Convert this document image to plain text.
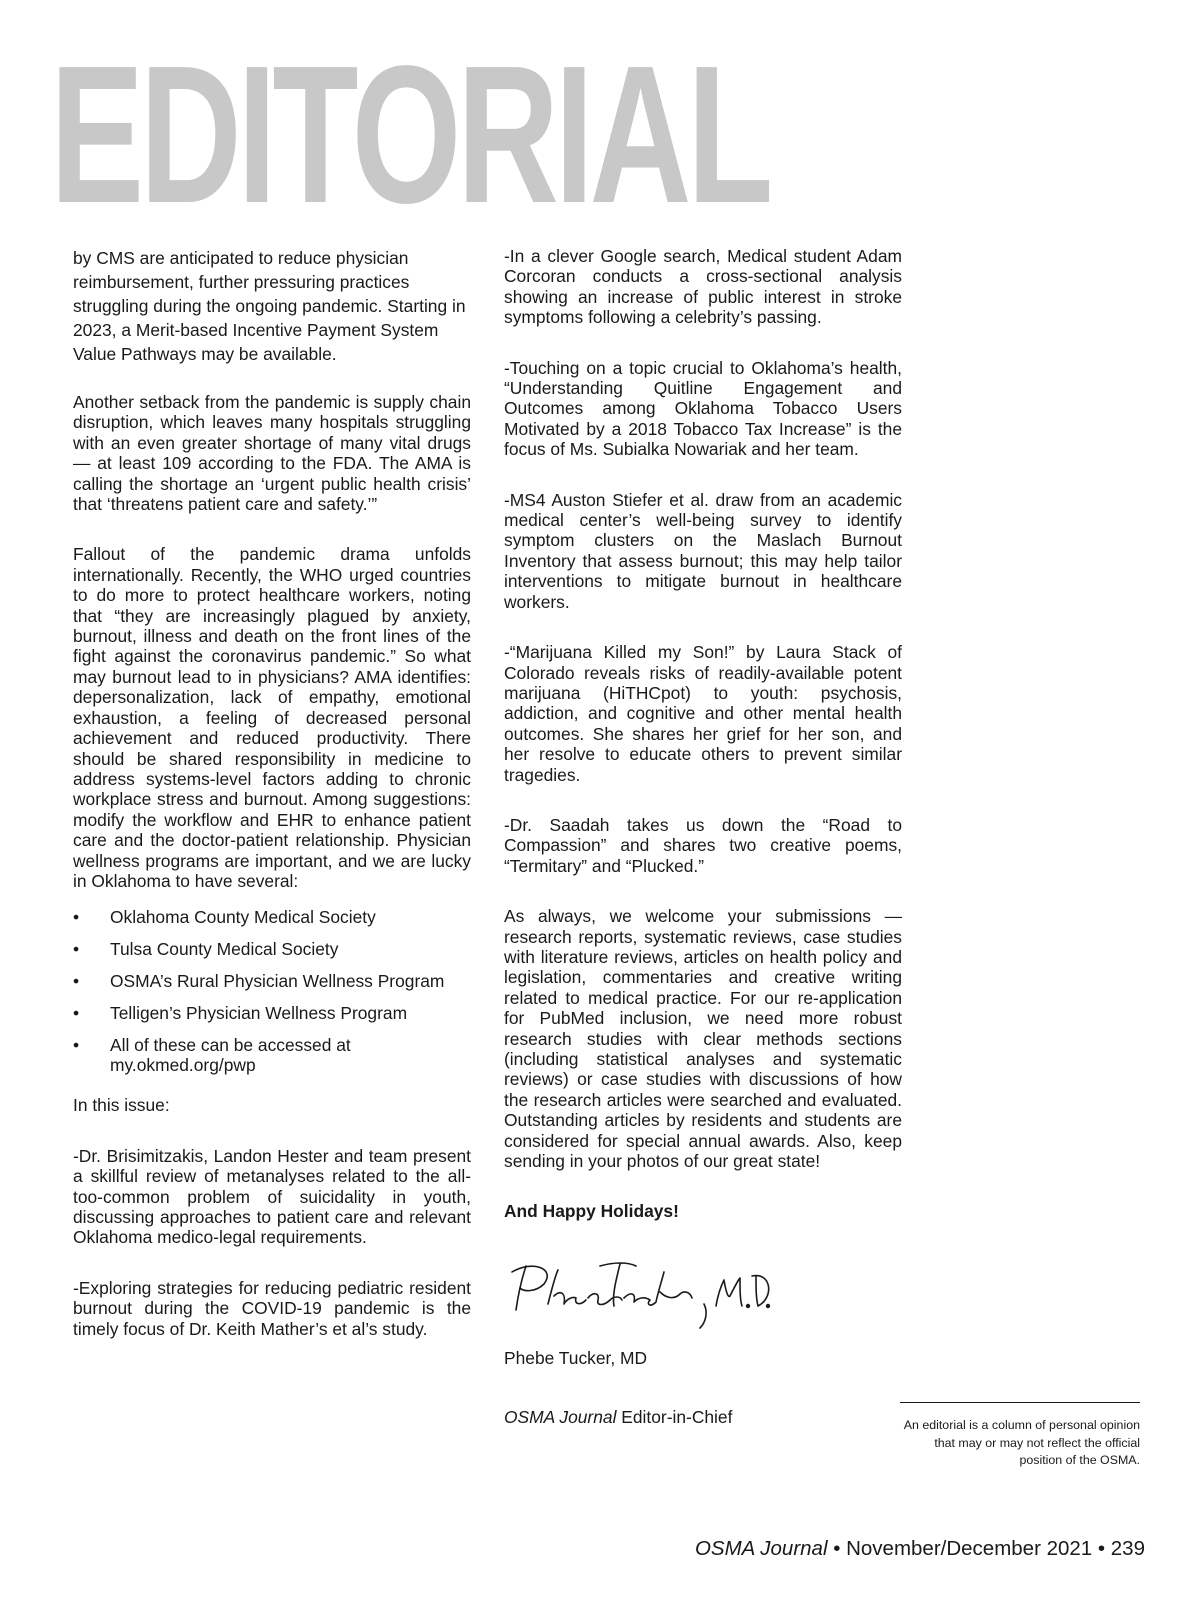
EDITORIAL

by CMS are anticipated to reduce physician reimbursement, further pressuring practices struggling during the ongoing pandemic. Starting in 2023, a Merit-based Incentive Payment System Value Pathways may be available.

Another setback from the pandemic is supply chain disruption, which leaves many hospitals struggling with an even greater shortage of many vital drugs — at least 109 according to the FDA. The AMA is calling the shortage an ‘urgent public health crisis’ that ‘threatens patient care and safety.’”

Fallout of the pandemic drama unfolds internationally. Recently, the WHO urged countries to do more to protect healthcare workers, noting that “they are increasingly plagued by anxiety, burnout, illness and death on the front lines of the fight against the coronavirus pandemic.” So what may burnout lead to in physicians? AMA identifies: depersonalization, lack of empathy, emotional exhaustion, a feeling of decreased personal achievement and reduced productivity. There should be shared responsibility in medicine to address systems-level factors adding to chronic workplace stress and burnout. Among suggestions: modify the workflow and EHR to enhance patient care and the doctor-patient relationship. Physician wellness programs are important, and we are lucky in Oklahoma to have several:

• Oklahoma County Medical Society
• Tulsa County Medical Society
• OSMA’s Rural Physician Wellness Program
• Telligen’s Physician Wellness Program
• All of these can be accessed at my.okmed.org/pwp

In this issue:

-Dr. Brisimitzakis, Landon Hester and team present a skillful review of metanalyses related to the all-too-common problem of suicidality in youth, discussing approaches to patient care and relevant Oklahoma medico-legal requirements.

-Exploring strategies for reducing pediatric resident burnout during the COVID-19 pandemic is the timely focus of Dr. Keith Mather’s et al’s study.

-In a clever Google search, Medical student Adam Corcoran conducts a cross-sectional analysis showing an increase of public interest in stroke symptoms following a celebrity’s passing.

-Touching on a topic crucial to Oklahoma’s health, “Understanding Quitline Engagement and Outcomes among Oklahoma Tobacco Users Motivated by a 2018 Tobacco Tax Increase” is the focus of Ms. Subialka Nowariak and her team.

-MS4 Auston Stiefer et al. draw from an academic medical center’s well-being survey to identify symptom clusters on the Maslach Burnout Inventory that assess burnout; this may help tailor interventions to mitigate burnout in healthcare workers.

-“Marijuana Killed my Son!” by Laura Stack of Colorado reveals risks of readily-available potent marijuana (HiTHCpot) to youth: psychosis, addiction, and cognitive and other mental health outcomes. She shares her grief for her son, and her resolve to educate others to prevent similar tragedies.

-Dr. Saadah takes us down the “Road to Compassion” and shares two creative poems, “Termitary” and “Plucked.”

As always, we welcome your submissions — research reports, systematic reviews, case studies with literature reviews, articles on health policy and legislation, commentaries and creative writing related to medical practice. For our re-application for PubMed inclusion, we need more robust research studies with clear methods sections (including statistical analyses and systematic reviews) or case studies with discussions of how the research articles were searched and evaluated. Outstanding articles by residents and students are considered for special annual awards. Also, keep sending in your photos of our great state!

And Happy Holidays!

Phebe Tucker, MD

OSMA Journal Editor-in-Chief	An editorial is a column of personal opinion that may or may not reflect the official position of the OSMA.
OSMA Journal • November/December 2021 • 239
